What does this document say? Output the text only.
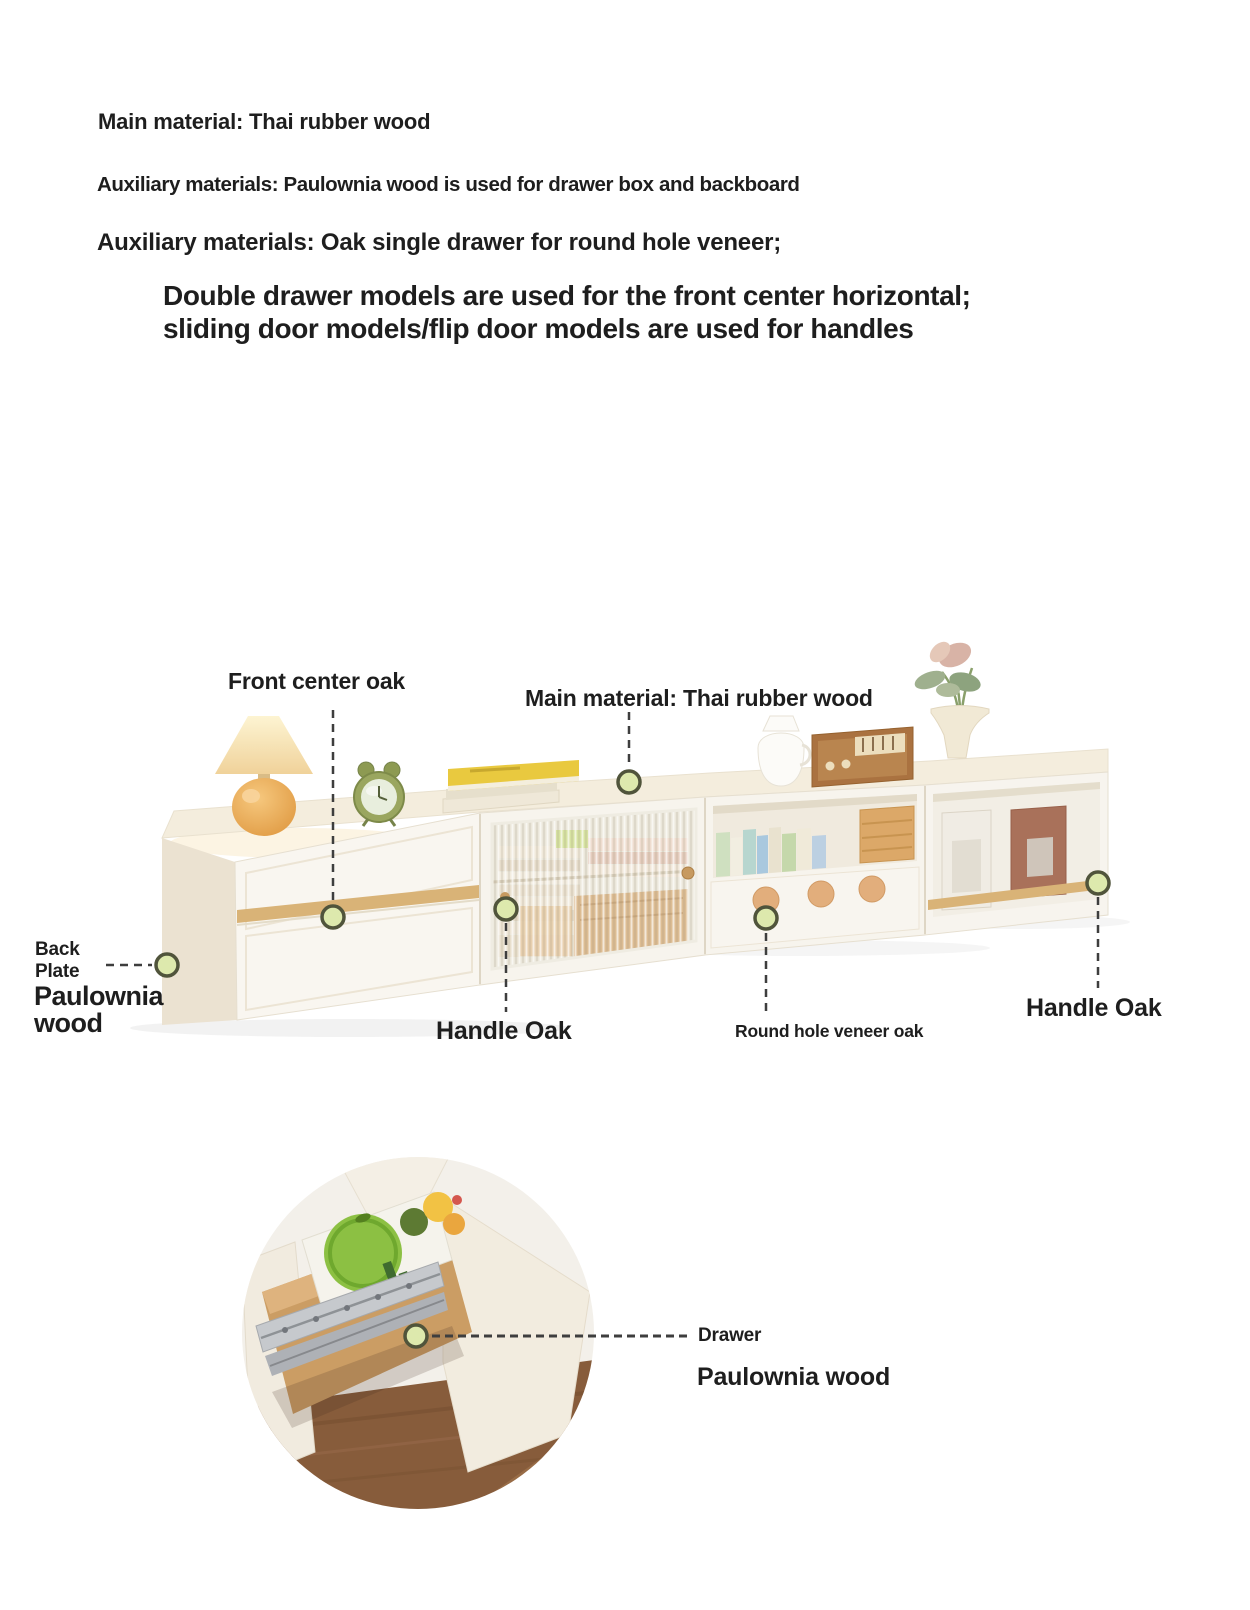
Main material: Thai rubber wood
Auxiliary materials: Paulownia wood is used for drawer box and backboard
Auxiliary materials: Oak single drawer for round hole veneer;
Double drawer models are used for the front center horizontal;
sliding door models/flip door models are used for handles
Front center oak
Main material: Thai rubber wood
Back Plate
Paulownia wood	Handle Oak	Round hole veneer oak
Handle Oak
Drawer
Paulownia wood
